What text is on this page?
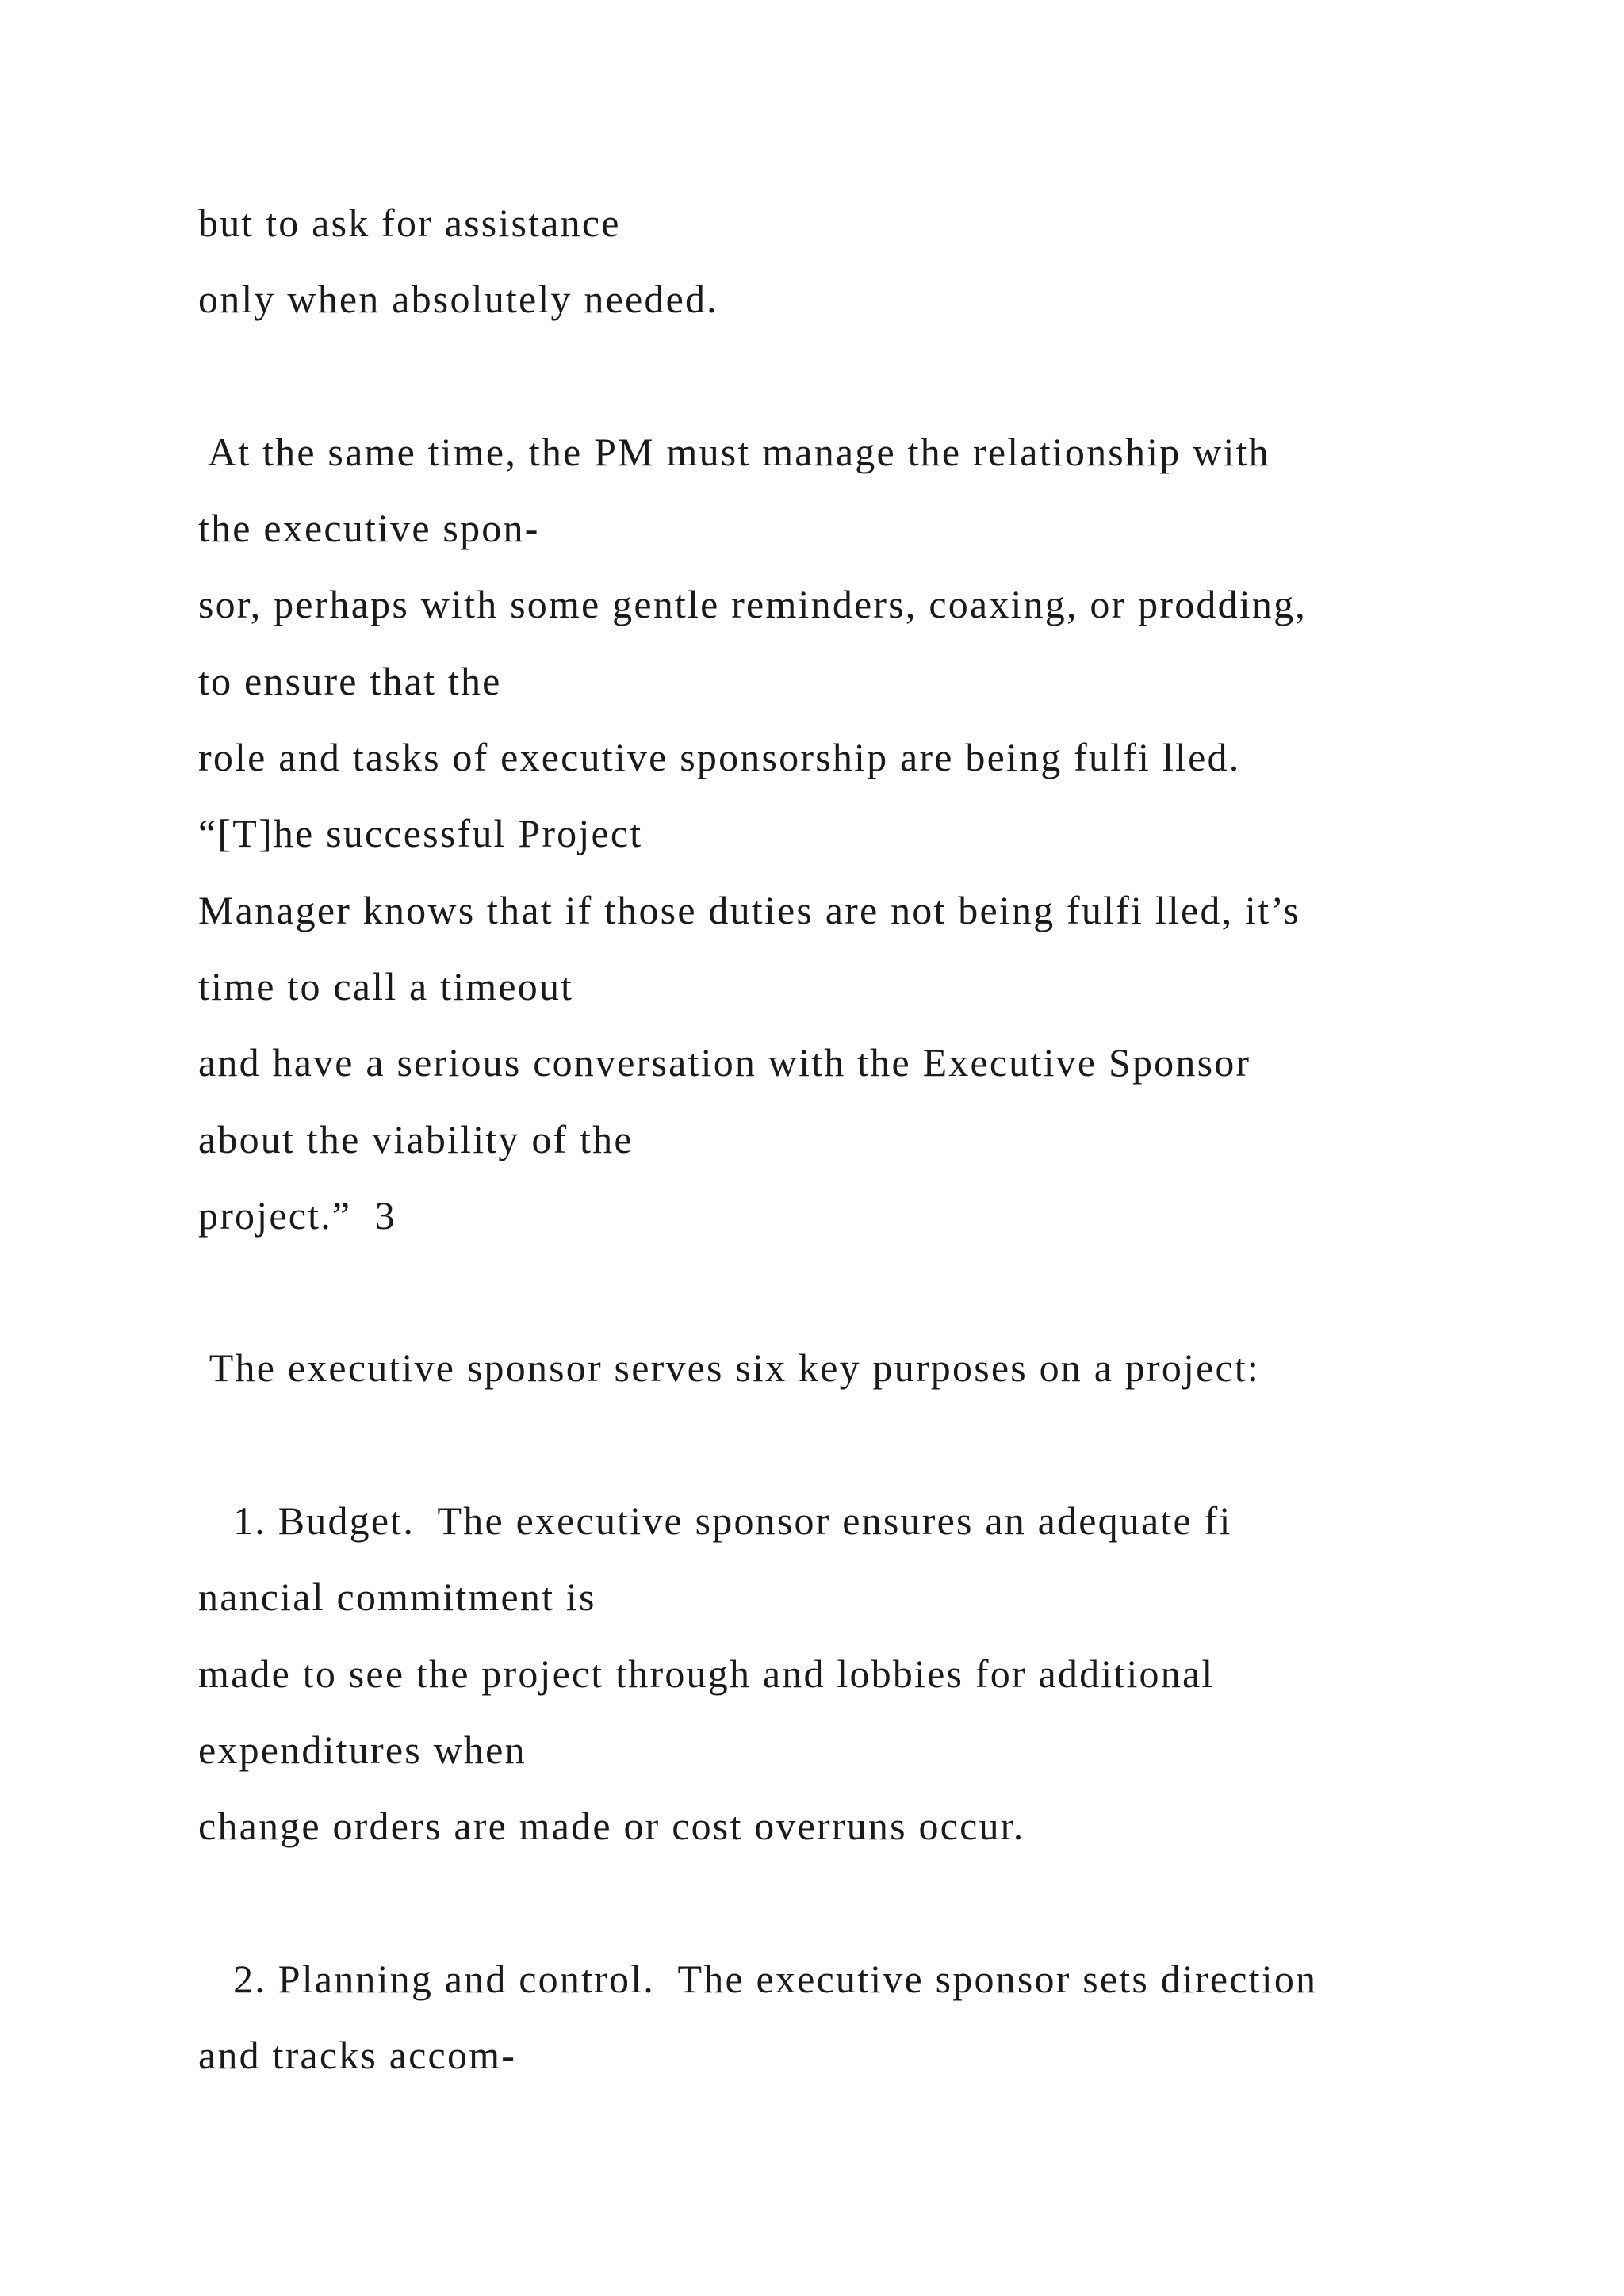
but to ask for assistance
only when absolutely needed.
At the same time, the PM must manage the relationship with
the executive spon-
sor, perhaps with some gentle reminders, coaxing, or prodding,
to ensure that the
role and tasks of executive sponsorship are being fulfi lled.
“[T]he successful Project
Manager knows that if those duties are not being fulfi lled, it’s
time to call a timeout
and have a serious conversation with the Executive Sponsor
about the viability of the
project.”  3
The executive sponsor serves six key purposes on a project:
1. Budget.  The executive sponsor ensures an adequate fi
nancial commitment is
made to see the project through and lobbies for additional
expenditures when
change orders are made or cost overruns occur.
2. Planning and control.  The executive sponsor sets direction
and tracks accom-
